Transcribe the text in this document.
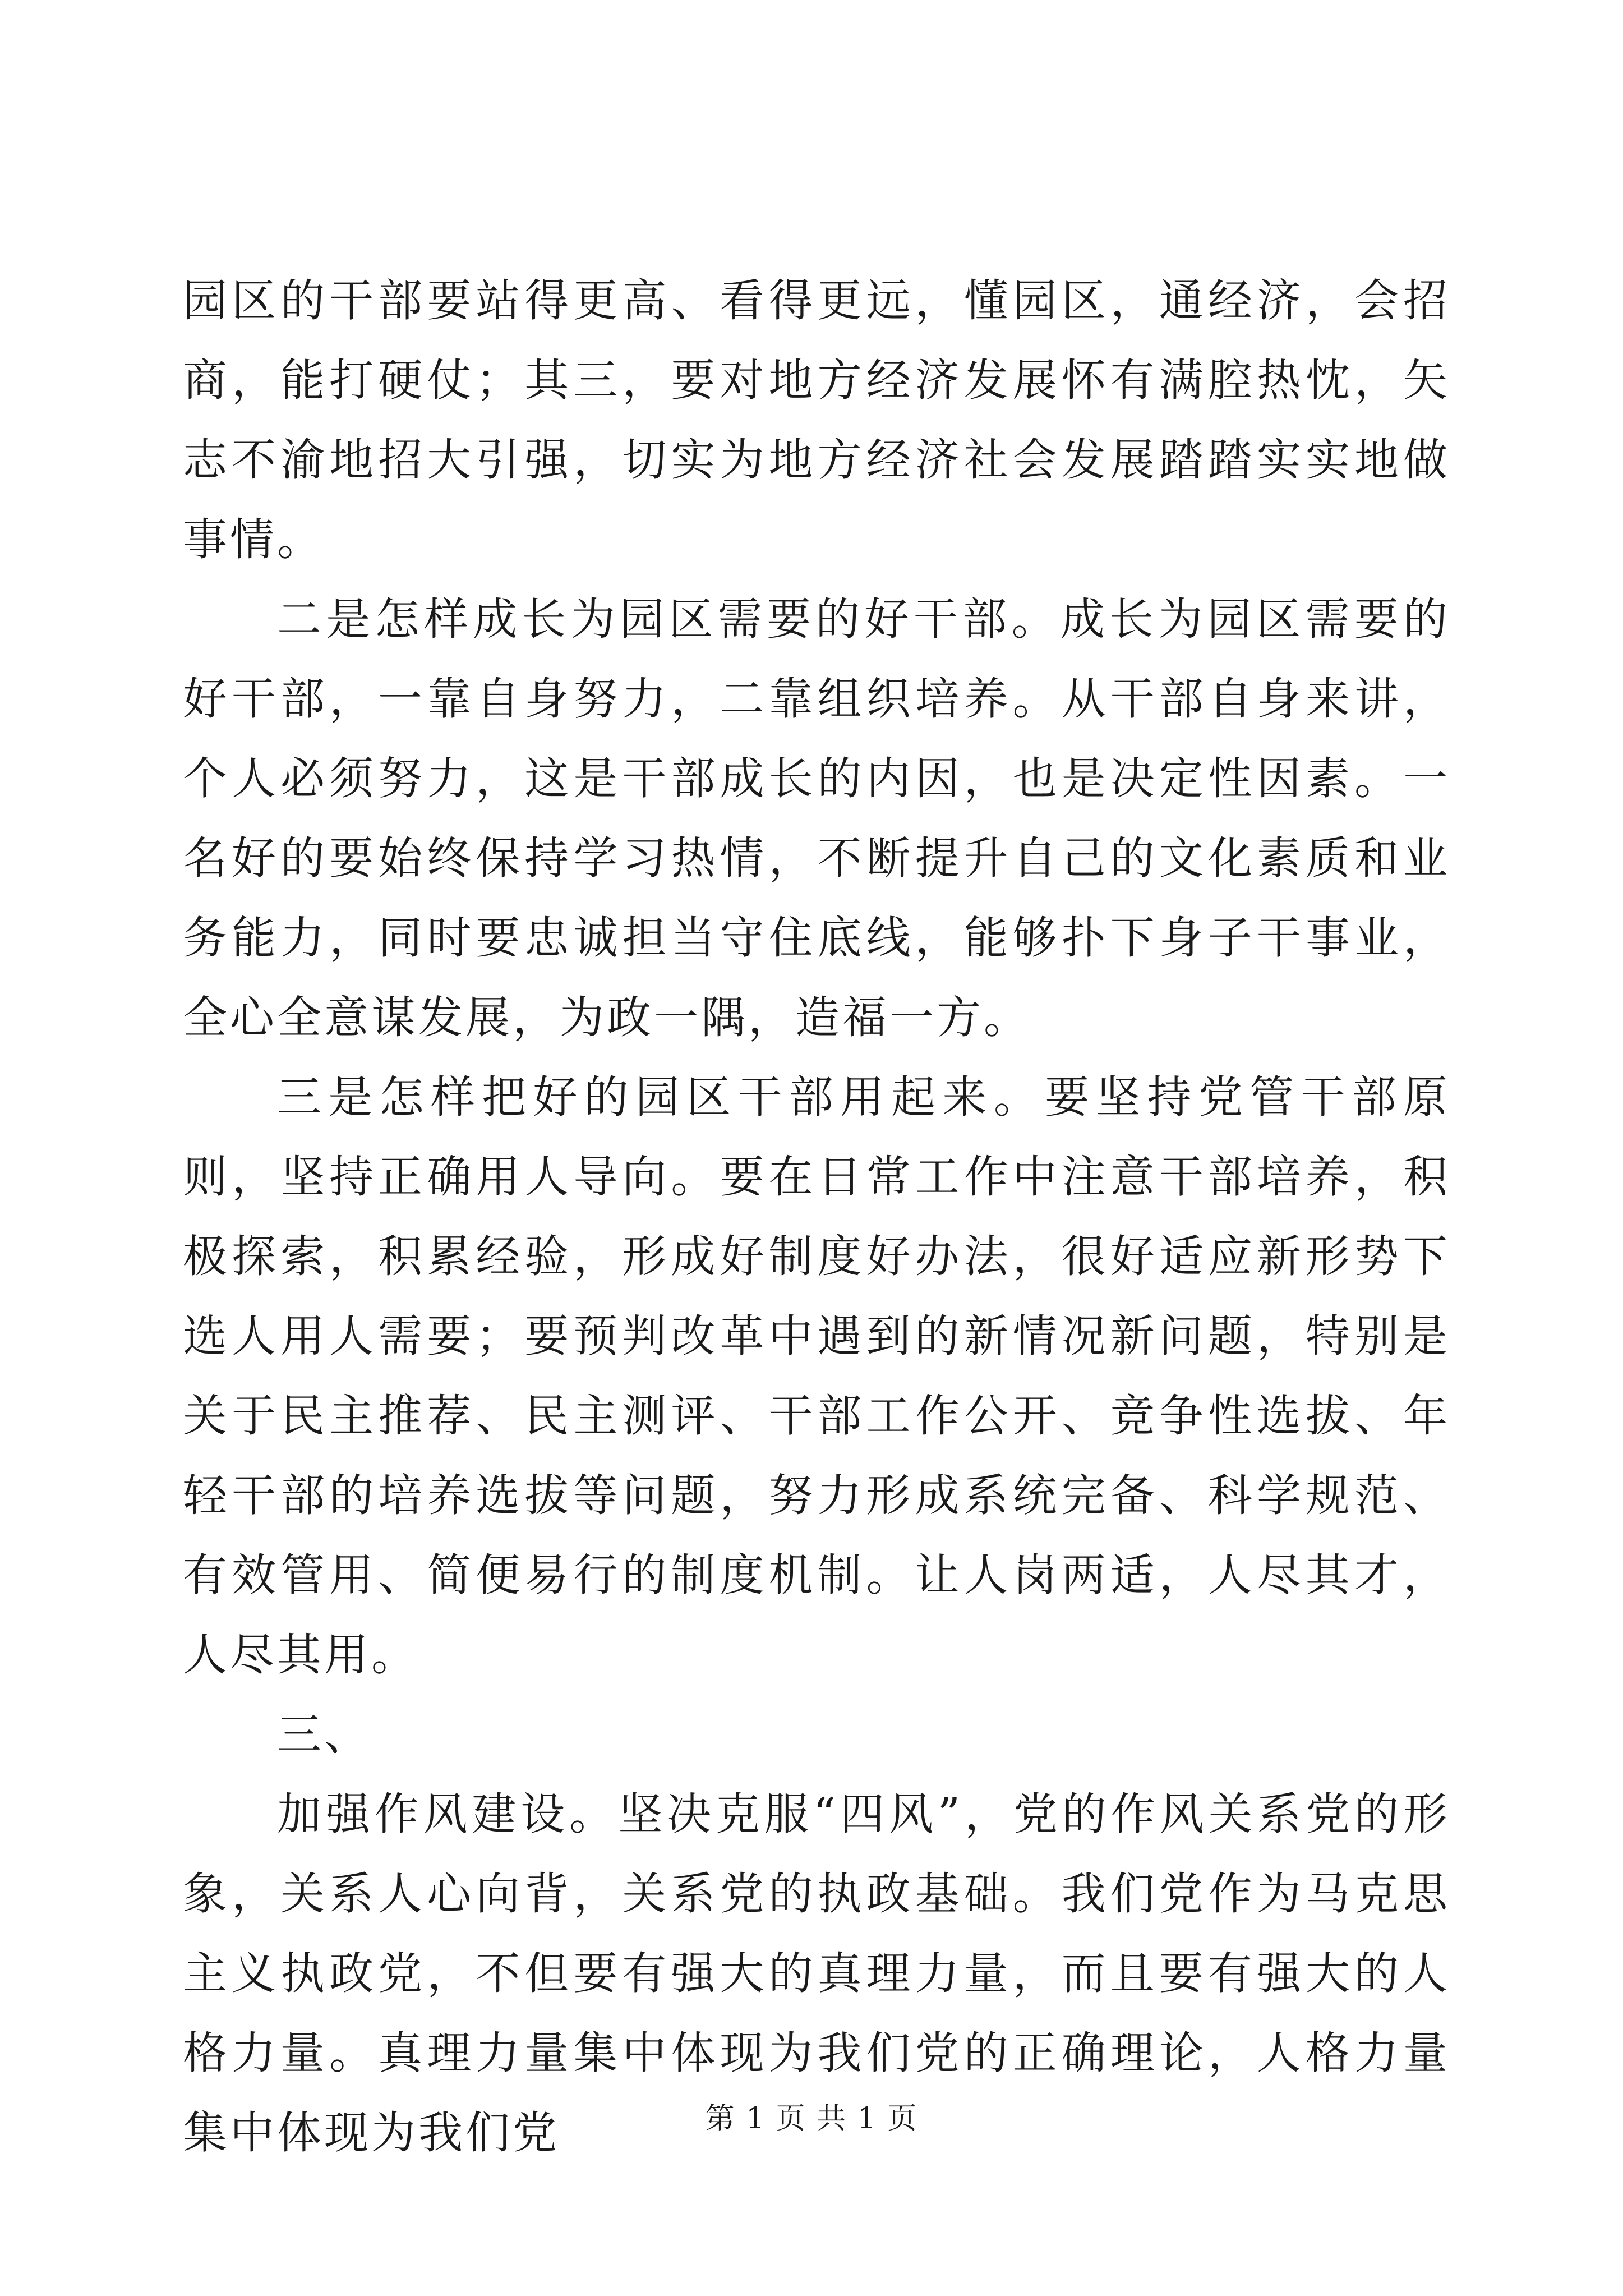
园区的干部要站得更高、看得更远，懂园区，通经济，会招商，能打硬仗；其三，要对地方经济发展怀有满腔热忱，矢志不渝地招大引强，切实为地方经济社会发展踏踏实实地做事情。

二是怎样成长为园区需要的好干部。成长为园区需要的好干部，一靠自身努力，二靠组织培养。从干部自身来讲，个人必须努力，这是干部成长的内因，也是决定性因素。一名好的要始终保持学习热情，不断提升自己的文化素质和业务能力，同时要忠诚担当守住底线，能够扑下身子干事业，全心全意谋发展，为政一隅，造福一方。

三是怎样把好的园区干部用起来。要坚持党管干部原则，坚持正确用人导向。要在日常工作中注意干部培养，积极探索，积累经验，形成好制度好办法，很好适应新形势下选人用人需要；要预判改革中遇到的新情况新问题，特别是关于民主推荐、民主测评、干部工作公开、竞争性选拔、年轻干部的培养选拔等问题，努力形成系统完备、科学规范、有效管用、简便易行的制度机制。让人岗两适，人尽其才，人尽其用。

三、

加强作风建设。坚决克服“四风”，党的作风关系党的形象，关系人心向背，关系党的执政基础。我们党作为马克思主义执政党，不但要有强大的真理力量，而且要有强大的人格力量。真理力量集中体现为我们党的正确理论，人格力量集中体现为我们党	第 1 页 共 1 页
